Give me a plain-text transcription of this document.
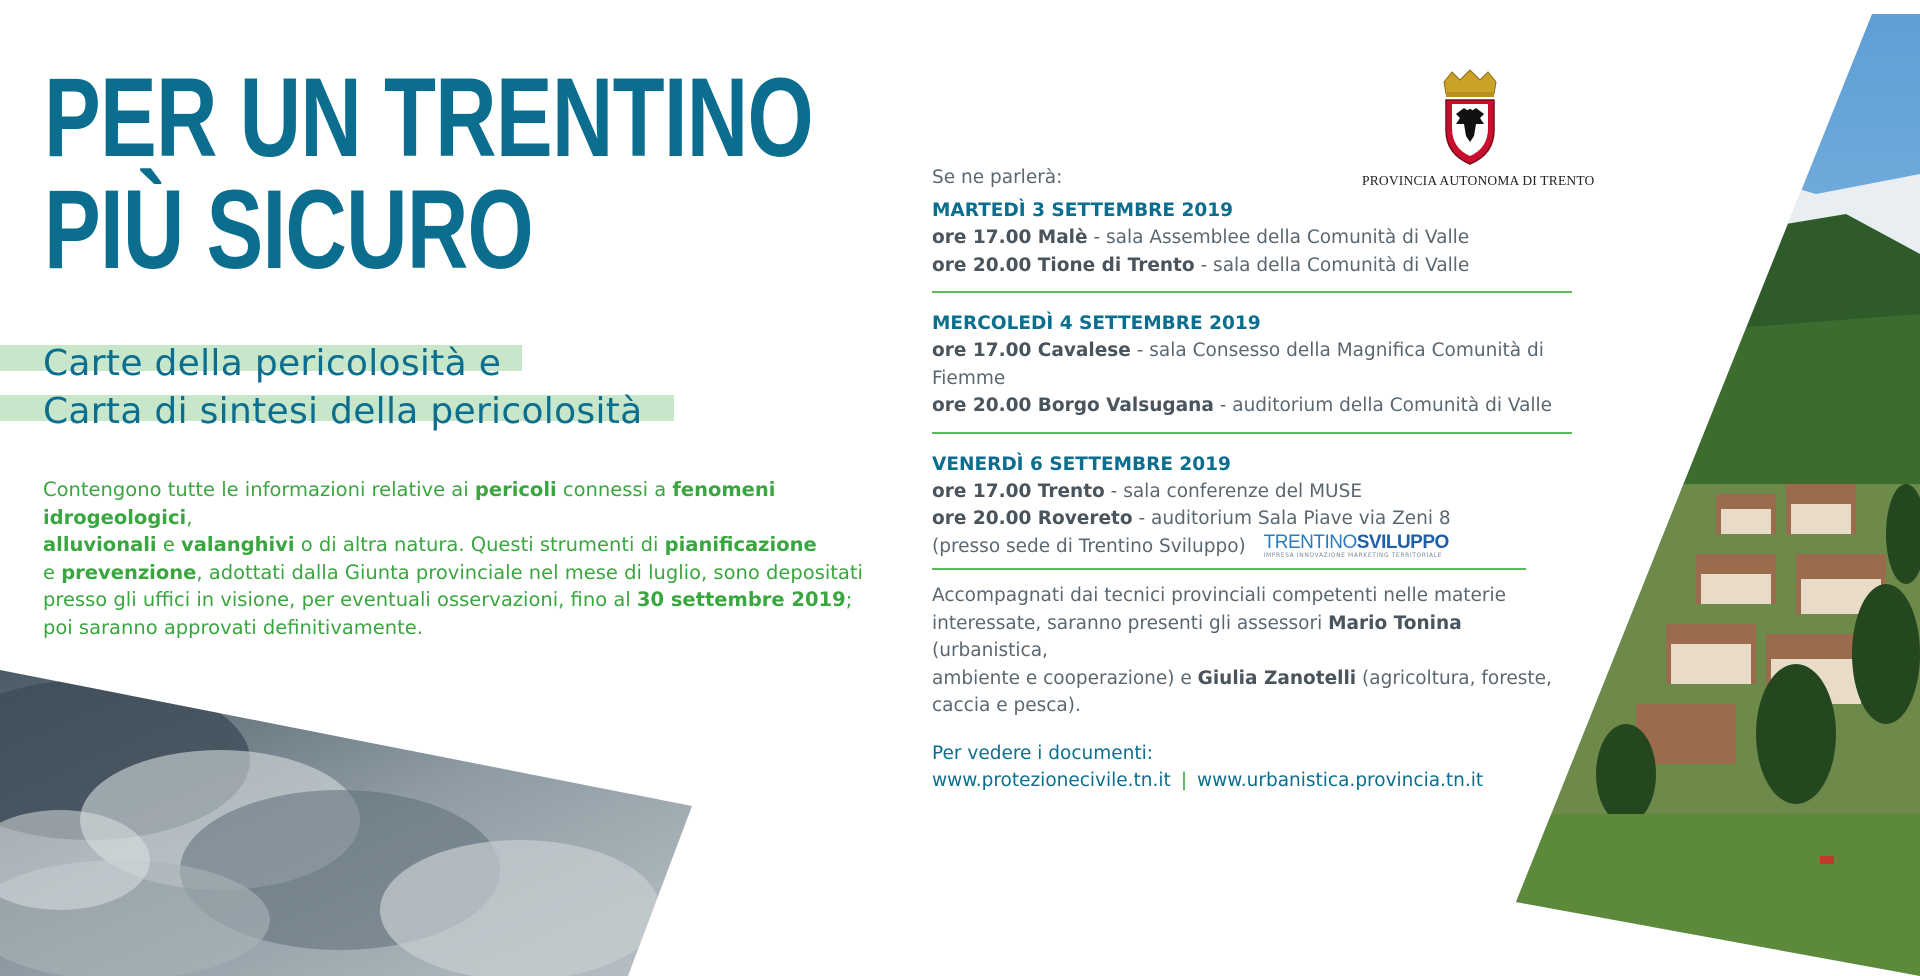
PER UN TRENTINO
PIÙ SICURO
Carte della pericolosità e
Carta di sintesi della pericolosità
Contengono tutte le informazioni relative ai pericoli connessi a fenomeni idrogeologici,
alluvionali e valanghivi o di altra natura. Questi strumenti di pianificazione
e prevenzione, adottati dalla Giunta provinciale nel mese di luglio, sono depositati
presso gli uffici in visione, per eventuali osservazioni, fino al 30 settembre 2019;
poi saranno approvati definitivamente.
PROVINCIA AUTONOMA DI TRENTO
Se ne parlerà:
MARTEDÌ 3 SETTEMBRE 2019
ore 17.00 Malè - sala Assemblee della Comunità di Valle
ore 20.00 Tione di Trento - sala della Comunità di Valle
MERCOLEDÌ 4 SETTEMBRE 2019
ore 17.00 Cavalese - sala Consesso della Magnifica Comunità di Fiemme
ore 20.00 Borgo Valsugana - auditorium della Comunità di Valle
VENERDÌ 6 SETTEMBRE 2019
ore 17.00 Trento - sala conferenze del MUSE
ore 20.00 Rovereto - auditorium Sala Piave via Zeni 8
(presso sede di Trentino Sviluppo) TRENTINOSVILUPPO
IMPRESA INNOVAZIONE MARKETING TERRITORIALE
Accompagnati dai tecnici provinciali competenti nelle materie
interessate, saranno presenti gli assessori Mario Tonina (urbanistica,
ambiente e cooperazione) e Giulia Zanotelli (agricoltura, foreste,
caccia e pesca).
Per vedere i documenti:
www.protezionecivile.tn.it | www.urbanistica.provincia.tn.it
